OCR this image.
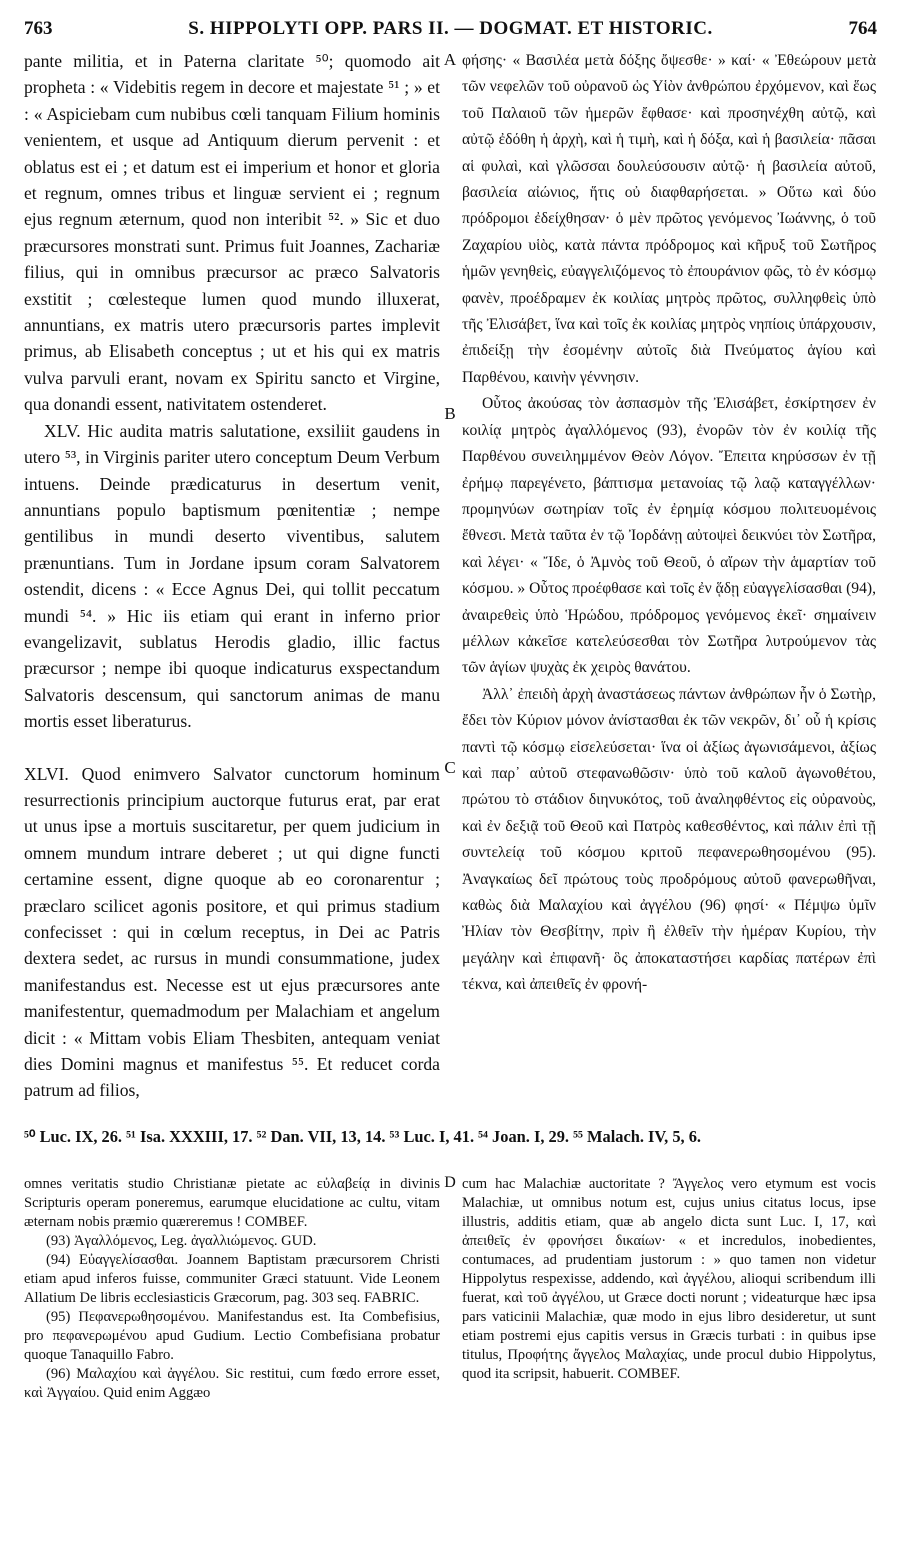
763	S. HIPPOLYTI OPP. PARS II. — DOGMAT. ET HISTORIC.	764

pante militia, et in Paterna claritate ⁵⁰; quomodo ait propheta : « Videbitis regem in decore et majestate ⁵¹ ; » et : « Aspiciebam cum nubibus cœli tanquam Filium hominis venientem, et usque ad Antiquum dierum pervenit : et oblatus est ei ; et datum est ei imperium et honor et gloria et regnum, omnes tribus et linguæ servient ei ; regnum ejus regnum æternum, quod non interibit ⁵². » Sic et duo præcursores monstrati sunt. Primus fuit Joannes, Zachariæ filius, qui in omnibus præcursor ac præco Salvatoris exstitit ; cœlesteque lumen quod mundo illuxerat, annuntians, ex matris utero præcursoris partes implevit primus, ab Elisabeth conceptus ; ut et his qui ex matris vulva parvuli erant, novam ex Spiritu sancto et Virgine, qua donandi essent, nativitatem ostenderet.

XLV. Hic audita matris salutatione, exsiliit gaudens in utero ⁵³, in Virginis pariter utero conceptum Deum Verbum intuens. Deinde prædicaturus in desertum venit, annuntians populo baptismum pœnitentiæ ; nempe gentilibus in mundi deserto viventibus, salutem prænuntians. Tum in Jordane ipsum coram Salvatorem ostendit, dicens : « Ecce Agnus Dei, qui tollit peccatum mundi ⁵⁴. » Hic iis etiam qui erant in inferno prior evangelizavit, sublatus Herodis gladio, illic factus præcursor ; nempe ibi quoque indicaturus exspectandum Salvatoris descensum, qui sanctorum animas de manu mortis esset liberaturus.

XLVI. Quod enimvero Salvator cunctorum hominum resurrectionis principium auctorque futurus erat, par erat ut unus ipse a mortuis suscitaretur, per quem judicium in omnem mundum intrare deberet ; ut qui digne functi certamine essent, digne quoque ab eo coronarentur ; præclaro scilicet agonis positore, et qui primus stadium confecisset : qui in cœlum receptus, in Dei ac Patris dextera sedet, ac rursus in mundi consummatione, judex manifestandus est. Necesse est ut ejus præcursores ante manifestentur, quemadmodum per Malachiam et angelum dicit : « Mittam vobis Eliam Thesbiten, antequam veniat dies Domini magnus et manifestus ⁵⁵. Et reducet corda patrum ad filios,

A
B
C

φήσης· « Βασιλέα μετὰ δόξης ὄψεσθε· » καί· « Ἐθεώρουν μετὰ τῶν νεφελῶν τοῦ οὐρανοῦ ὡς Υἱὸν ἀνθρώπου ἐρχόμενον, καὶ ἕως τοῦ Παλαιοῦ τῶν ἡμερῶν ἔφθασε· καὶ προσηνέχθη αὐτῷ, καὶ αὐτῷ ἐδόθη ἡ ἀρχὴ, καὶ ἡ τιμὴ, καὶ ἡ δόξα, καὶ ἡ βασιλεία· πᾶσαι αἱ φυλαὶ, καὶ γλῶσσαι δουλεύσουσιν αὐτῷ· ἡ βασιλεία αὐτοῦ, βασιλεία αἰώνιος, ἥτις οὐ διαφθαρήσεται. » Οὕτω καὶ δύο πρόδρομοι ἐδείχθησαν· ὁ μὲν πρῶτος γενόμενος Ἰωάννης, ὁ τοῦ Ζαχαρίου υἱὸς, κατὰ πάντα πρόδρομος καὶ κῆρυξ τοῦ Σωτῆρος ἡμῶν γενηθεὶς, εὐαγγελιζόμενος τὸ ἐπουράνιον φῶς, τὸ ἐν κόσμῳ φανὲν, προέδραμεν ἐκ κοιλίας μητρὸς πρῶτος, συλληφθεὶς ὑπὸ τῆς Ἐλισάβετ, ἵνα καὶ τοῖς ἐκ κοιλίας μητρὸς νηπίοις ὑπάρχουσιν, ἐπιδείξῃ τὴν ἐσομένην αὐτοῖς διὰ Πνεύματος ἁγίου καὶ Παρθένου, καινὴν γέννησιν.

Οὗτος ἀκούσας τὸν ἀσπασμὸν τῆς Ἐλισάβετ, ἐσκίρτησεν ἐν κοιλίᾳ μητρὸς ἀγαλλόμενος (93), ἐνορῶν τὸν ἐν κοιλίᾳ τῆς Παρθένου συνειλημμένον Θεὸν Λόγον. Ἔπειτα κηρύσσων ἐν τῇ ἐρήμῳ παρεγένετο, βάπτισμα μετανοίας τῷ λαῷ καταγγέλλων· προμηνύων σωτηρίαν τοῖς ἐν ἐρημίᾳ κόσμου πολιτευομένοις ἔθνεσι. Μετὰ ταῦτα ἐν τῷ Ἰορδάνῃ αὐτοψεὶ δεικνύει τὸν Σωτῆρα, καὶ λέγει· « Ἴδε, ὁ Ἀμνὸς τοῦ Θεοῦ, ὁ αἴρων τὴν ἁμαρτίαν τοῦ κόσμου. » Οὗτος προέφθασε καὶ τοῖς ἐν ᾅδῃ εὐαγγελίσασθαι (94), ἀναιρεθεὶς ὑπὸ Ἡρώδου, πρόδρομος γενόμενος ἐκεῖ· σημαίνειν μέλλων κἀκεῖσε κατελεύσεσθαι τὸν Σωτῆρα λυτρούμενον τὰς τῶν ἁγίων ψυχὰς ἐκ χειρὸς θανάτου.

Ἀλλ᾽ ἐπειδὴ ἀρχὴ ἀναστάσεως πάντων ἀνθρώπων ἦν ὁ Σωτὴρ, ἔδει τὸν Κύριον μόνον ἀνίστασθαι ἐκ τῶν νεκρῶν, δι᾽ οὗ ἡ κρίσις παντὶ τῷ κόσμῳ εἰσελεύσεται· ἵνα οἱ ἀξίως ἀγωνισάμενοι, ἀξίως καὶ παρ᾽ αὐτοῦ στεφανωθῶσιν· ὑπὸ τοῦ καλοῦ ἀγωνοθέτου, πρώτου τὸ στάδιον διηνυκότος, τοῦ ἀναληφθέντος εἰς οὐρανοὺς, καὶ ἐν δεξιᾷ τοῦ Θεοῦ καὶ Πατρὸς καθεσθέντος, καὶ πάλιν ἐπὶ τῇ συντελείᾳ τοῦ κόσμου κριτοῦ πεφανερωθησομένου (95). Ἀναγκαίως δεῖ πρώτους τοὺς προδρόμους αὐτοῦ φανερωθῆναι, καθὼς διὰ Μαλαχίου καὶ ἀγγέλου (96) φησί· « Πέμψω ὑμῖν Ἠλίαν τὸν Θεσβίτην, πρὶν ἢ ἐλθεῖν τὴν ἡμέραν Κυρίου, τὴν μεγάλην καὶ ἐπιφανῆ· ὃς ἀποκαταστήσει καρδίας πατέρων ἐπὶ τέκνα, καὶ ἀπειθεῖς ἐν φρονή-

⁵⁰ Luc. IX, 26. ⁵¹ Isa. XXXIII, 17. ⁵² Dan. VII, 13, 14. ⁵³ Luc. I, 41. ⁵⁴ Joan. I, 29. ⁵⁵ Malach. IV, 5, 6.

omnes veritatis studio Christianæ pietate ac εὐλαβείᾳ in divinis Scripturis operam poneremus, earumque elucidatione ac cultu, vitam æternam nobis præmio quæreremus ! COMBEF.

(93) Ἀγαλλόμενος, Leg. ἀγαλλιώμενος. GUD.

(94) Εὐαγγελίσασθαι. Joannem Baptistam præcursorem Christi etiam apud inferos fuisse, communiter Græci statuunt. Vide Leonem Allatium De libris ecclesiasticis Græcorum, pag. 303 seq. FABRIC.

(95) Πεφανερωθησομένου. Manifestandus est. Ita Combefisius, pro πεφανερωμένου apud Gudium. Lectio Combefisiana probatur quoque Tanaquillo Fabro.

(96) Μαλαχίου καὶ ἀγγέλου. Sic restitui, cum fœdo errore esset, καὶ Ἀγγαίου. Quid enim Aggæo

D cum hac Malachiæ auctoritate ? Ἄγγελος vero etymum est vocis Malachiæ, ut omnibus notum est, cujus unius citatus locus, ipse illustris, additis etiam, quæ ab angelo dicta sunt Luc. I, 17, καὶ ἀπειθεῖς ἐν φρονήσει δικαίων· « et incredulos, inobedientes, contumaces, ad prudentiam justorum : » quo tamen non videtur Hippolytus respexisse, addendo, καὶ ἀγγέλου, alioqui scribendum illi fuerat, καὶ τοῦ ἀγγέλου, ut Græce docti norunt ; videaturque hæc ipsa pars vaticinii Malachiæ, quæ modo in ejus libro desideretur, ut sunt etiam postremi ejus capitis versus in Græcis turbati : in quibus ipse titulus, Προφήτης ἄγγελος Μαλαχίας, unde procul dubio Hippolytus, quod ita scripsit, habuerit. COMBEF.
